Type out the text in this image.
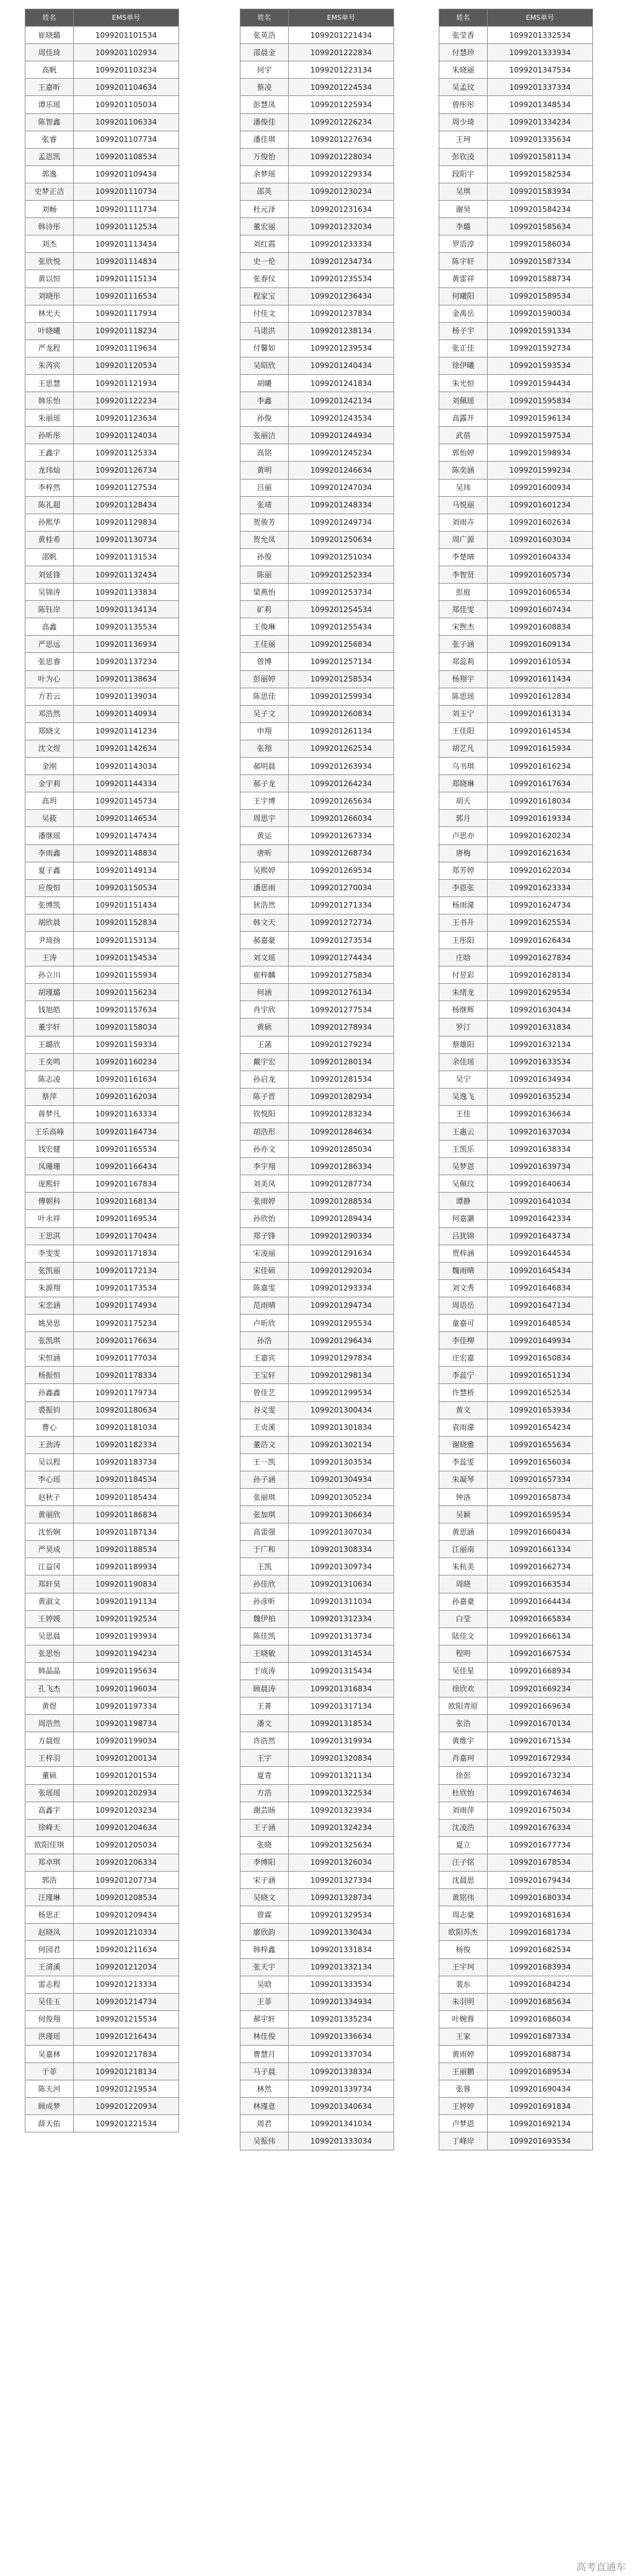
姓名	EMS单号
崔晓璐	1099201101534
周佳琦	1099201102934
高帆	1099201103234
王嘉昕	1099201104634
谭乐瑶	1099201105034
陈智鑫	1099201106334
张睿	1099201107734
孟恩凯	1099201108534
郭逸	1099201109434
史梦正洁	1099201110734
刘畅	1099201111734
韩诗彤	1099201112534
刘杰	1099201113434
张欣悦	1099201114834
黄以恒	1099201115134
刘晓彤	1099201116534
林光天	1099201117934
叶晓曦	1099201118234
严龙程	1099201119634
朱芮宾	1099201120534
王思慧	1099201121934
韩乐怡	1099201122234
朱丽瑶	1099201123634
孙昕彤	1099201124034
王鑫宇	1099201125334
龙玮灿	1099201126734
李梓然	1099201127534
陈礼超	1099201128434
孙熙华	1099201129834
黄桂希	1099201130734
邵帆	1099201131534
刘延锋	1099201132434
吴锦涛	1099201133834
陈钰岸	1099201134134
高鑫	1099201135534
严思远	1099201136934
张思睿	1099201137234
叶为心	1099201138634
方若云	1099201139034
邓浩然	1099201140934
郑晓文	1099201141234
沈文煜	1099201142634
金刚	1099201143034
金宇莉	1099201144334
高玥	1099201145734
吴筱	1099201146534
潘继瑶	1099201147434
李雨鑫	1099201148834
夏子鑫	1099201149134
应俊恒	1099201150534
张博凯	1099201151434
胡欣晨	1099201152834
尹琦扬	1099201153134
王涛	1099201154534
孙立川	1099201155934
胡瑾璐	1099201156234
钱旭皓	1099201157634
董宇轩	1099201158034
王璐欣	1099201159334
王奕鸣	1099201160234
陈志凌	1099201161634
蔡萍	1099201162034
蒋梦凡	1099201163334
王乐高峰	1099201164734
钱宏健	1099201165534
凤珊珊	1099201166434
庞熙轩	1099201167834
傅朝科	1099201168134
叶永祥	1099201169534
王思淇	1099201170434
李雯雯	1099201171834
张凯丽	1099201172134
朱源翔	1099201173534
宋恋涵	1099201174934
姚昊思	1099201175234
张凯琪	1099201176634
宋恒涵	1099201177034
杨振恒	1099201178334
孙鑫鑫	1099201179734
裘振钧	1099201180634
曹心	1099201181034
王劲涛	1099201182334
吴以程	1099201183734
李心瑶	1099201184534
赵秋子	1099201185434
黄丽欣	1099201186834
沈怡娴	1099201187134
严昊成	1099201188534
江益冈	1099201189934
郑轩昊	1099201190834
黄淑文	1099201191134
王婷媛	1099201192534
吴思晨	1099201193934
张思怡	1099201194234
韩晶晶	1099201195634
孔飞杰	1099201196034
黄煜	1099201197334
周浩然	1099201198734
方晨煜	1099201199034
王梓羽	1099201200134
董硕	1099201201534
张瑶瑶	1099201202934
高鑫宇	1099201203234
徐峰天	1099201204634
欧阳佳琪	1099201205034
郑卓琪	1099201206334
郭浩	1099201207734
汪瑾琳	1099201208534
杨思正	1099201209434
赵晓凤	1099201210334
何园君	1099201211634
王清溪	1099201212034
雷志程	1099201213334
吴佳玉	1099201214734
何俊翔	1099201215534
洪瑾瑶	1099201216434
吴嘉林	1099201217834
于菲	1099201218134
陈天河	1099201219534
顾成梦	1099201220934
薛天佑	1099201221534
姓名	EMS单号
张英浩	1099201221434
邵晨金	1099201222834
何宇	1099201223134
蔡凌	1099201224534
彭慧凤	1099201225934
潘俊佳	1099201226234
潘佳琪	1099201227634
万俊怡	1099201228034
余梦瑶	1099201229334
邵英	1099201230234
杜元泽	1099201231634
董宏丽	1099201232034
刘红霞	1099201233334
史一伦	1099201234734
张春仪	1099201235534
程家宝	1099201236434
付佳文	1099201237834
马诺洪	1099201238134
付馨如	1099201239534
吴昭欣	1099201240434
胡曦	1099201241834
李鑫	1099201242134
孙俊	1099201243534
张丽洁	1099201244934
高铭	1099201245234
黄明	1099201246634
吕丽	1099201247034
张靖	1099201248334
贺骏芳	1099201249734
贺允凤	1099201250634
孙俊	1099201251034
陈丽	1099201252334
梁燕怡	1099201253734
矿莉	1099201254534
王俊琳	1099201255434
王佳丽	1099201256834
曾博	1099201257134
彭丽婷	1099201258534
陈思佳	1099201259934
吴子文	1099201260834
申翔	1099201261134
张翔	1099201262534
郝明晨	1099201263934
郝子龙	1099201264234
王宇博	1099201265634
周思宇	1099201266034
黄运	1099201267334
唐昕	1099201268734
吴熙婷	1099201269534
潘思雨	1099201270034
狄浩然	1099201271334
韩文天	1099201272734
郝嘉豪	1099201273534
刘文瑶	1099201274434
崔梓麟	1099201275834
何涵	1099201276134
肖宇欣	1099201277534
黄硕	1099201278934
王菡	1099201279234
戴宇宏	1099201280134
孙启龙	1099201281534
陈子晋	1099201282934
钦悦阳	1099201283234
胡浩形	1099201284634
孙亦文	1099201285034
李宇翔	1099201286334
刘美凤	1099201287734
张雨婷	1099201288534
孙欣怡	1099201289434
郑子锋	1099201290334
宋凌丽	1099201291634
宋佳硕	1099201292034
陈嘉雯	1099201293334
范雨晴	1099201294734
卢昕欣	1099201295534
孙浩	1099201296434
王嘉宾	1099201297834
王宝轩	1099201298134
曾佳艺	1099201299534
谷义雯	1099201300434
王贞溪	1099201301834
董浩文	1099201302134
王一凯	1099201303534
孙子涵	1099201304934
张丽琪	1099201305234
张加琪	1099201306634
高雷强	1099201307034
于广和	1099201308334
王凯	1099201309734
孙佳欣	1099201310634
孙彦昕	1099201311034
魏伊柏	1099201312334
陈佳凯	1099201313734
王晓敏	1099201314534
于成涛	1099201315434
顾晨涛	1099201316834
王菁	1099201317134
潘文	1099201318534
许浩然	1099201319934
王宇	1099201320834
夏青	1099201321134
方浩	1099201322534
谢芸旸	1099201323934
王子涵	1099201324234
张晓	1099201325634
李博阳	1099201326034
宋子涵	1099201327334
吴晓文	1099201328734
曾霖	1099201329534
廖欣韵	1099201330434
韩梓鑫	1099201331834
张天宇	1099201332134
吴晗	1099201333534
王菲	1099201334934
郝宇轩	1099201335234
林佳俊	1099201336634
曹慧月	1099201337034
马子晨	1099201338334
林然	1099201339734
林瑾意	1099201340634
周君	1099201341034
吴振伟	1099201333034
姓名	EMS单号
张莹香	1099201332534
付慧珍	1099201333934
朱晓丽	1099201347534
吴孟玟	1099201337334
曾彤彤	1099201348534
周少琦	1099201334234
王珂	1099201335634
彭钦凌	1099201581134
段阳宇	1099201582534
吴琪	1099201583934
谢昊	1099201584234
李璐	1099201585634
罗语淳	1099201586034
陈宇轩	1099201587334
黄雷祥	1099201588734
何曦阳	1099201589534
金禹岳	1099201590034
杨子宇	1099201591334
张正佳	1099201592734
徐伊曦	1099201593534
朱光恒	1099201594434
刘佩瑶	1099201595834
高露开	1099201596134
武蓓	1099201597534
郭怡婷	1099201598934
陈奕涵	1099201599234
吴玮	1099201600934
马悦丽	1099201601234
刘雨卉	1099201602634
周广源	1099201603034
李楚晴	1099201604334
李智贤	1099201605734
彭庭	1099201606534
郑佳雯	1099201607434
宋煦杰	1099201608834
张子涵	1099201609134
郑蕊莉	1099201610534
杨翔宇	1099201611434
陈思瑶	1099201612834
刘玉宁	1099201613134
王佳阳	1099201614534
胡艺凡	1099201615934
乌书琪	1099201616234
郑晓琳	1099201617634
胡夭	1099201618034
郭月	1099201619334
卢思亦	1099201620234
唐梅	1099201621634
郑芳婷	1099201622034
李恩张	1099201623334
杨雨濛	1099201624734
王书升	1099201625534
王彤阳	1099201626434
庄晗	1099201627834
付昱彩	1099201628134
朱绪龙	1099201629534
杨继辉	1099201630434
罗汀	1099201631834
蔡雄阳	1099201632134
余佳瑶	1099201633534
吴宁	1099201634934
吴逸飞	1099201635234
王佳	1099201636634
王惠云	1099201637034
王凯乐	1099201638334
吴梦恩	1099201639734
吴佩玟	1099201640634
谭静	1099201641034
何嘉灏	1099201642334
吕犹锦	1099201643734
贾梓涵	1099201644534
魏雨晴	1099201645434
刘文秀	1099201646834
周语岳	1099201647134
童嘉可	1099201648534
李佳柳	1099201649934
庄宏嘉	1099201650834
李蕊宁	1099201651134
许慧桥	1099201652534
黄文	1099201653934
袁雨濛	1099201654234
谢晓雅	1099201655634
李蕊雯	1099201656034
朱凝琴	1099201657334
钟洛	1099201658734
吴颖	1099201659534
黄思涵	1099201660434
江丽南	1099201661334
朱杭美	1099201662734
周晓	1099201663534
孙嘉豪	1099201664434
白莹	1099201665834
陆佳文	1099201666134
程明	1099201667534
吴佳星	1099201668934
徐欣欢	1099201669234
欧阳青原	1099201669634
张浩	1099201670134
黄维宇	1099201671534
肖嘉珂	1099201672934
徐彭	1099201673234
杜欣怡	1099201674634
刘雨萍	1099201675034
沈凌浩	1099201676334
夏立	1099201677734
汪子铭	1099201678534
沈晨思	1099201679434
黄铭伟	1099201680334
周志豪	1099201681634
欧阳苏杰	1099201681734
杨俊	1099201682534
王宇珂	1099201683934
裴东	1099201684234
朱羽明	1099201685634
叶婉蓉	1099201686034
王家	1099201687334
黄雨婷	1099201688734
王丽鹏	1099201689534
张蓉	1099201690434
王婷婷	1099201691834
卢梦恩	1099201692134
丁峰岸	1099201693534
高考直通车
